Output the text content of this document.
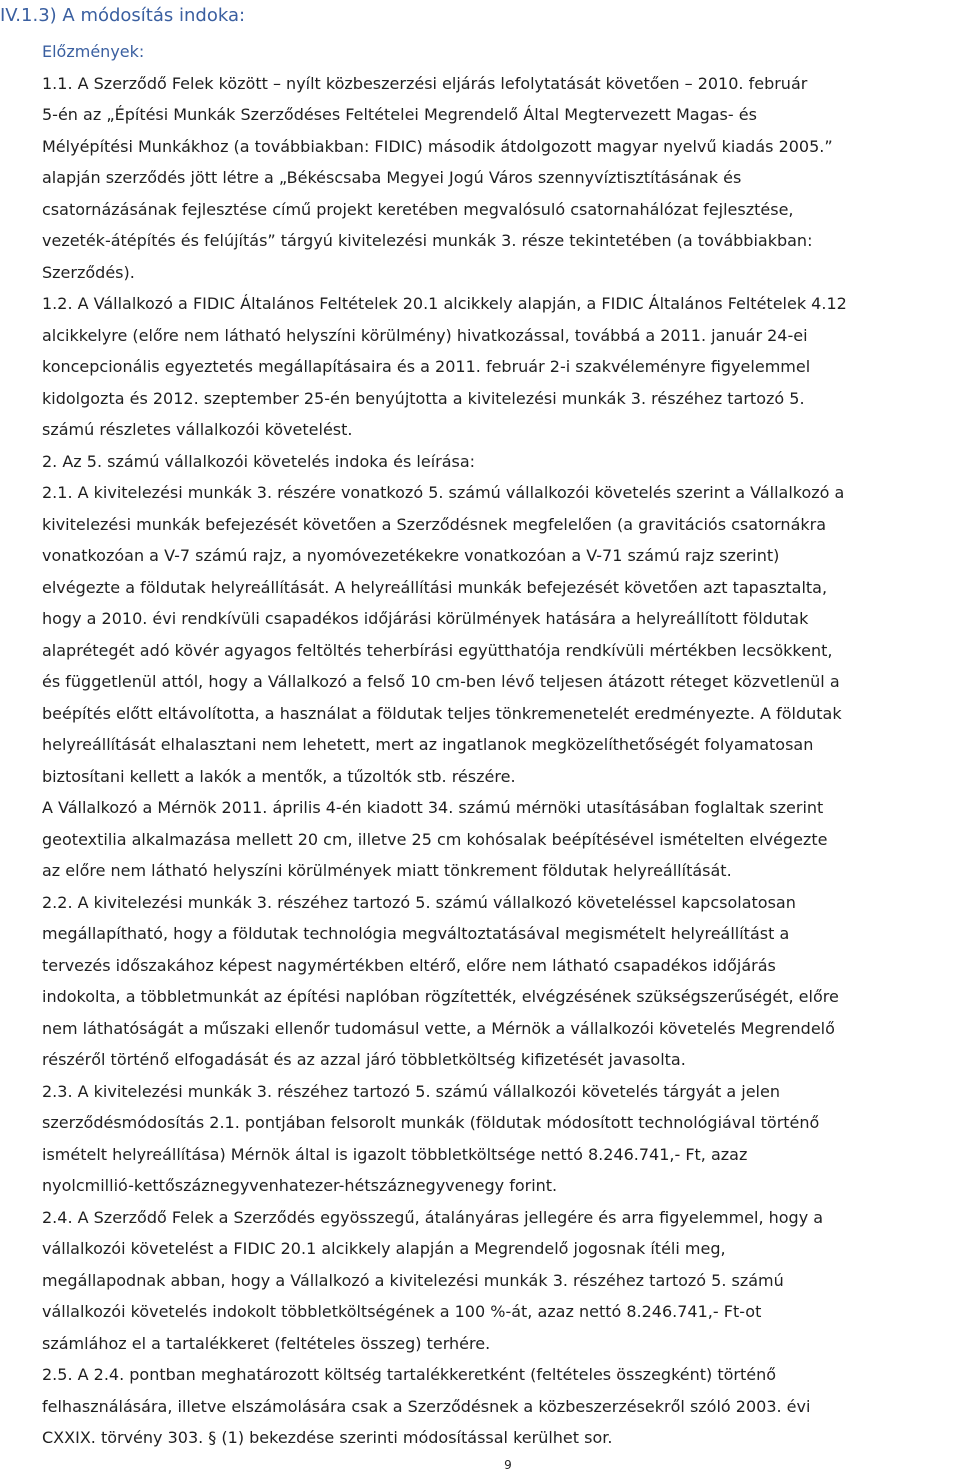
IV.1.3) A módosítás indoka:
Előzmények:
1.1. A Szerződő Felek között – nyílt közbeszerzési eljárás lefolytatását követően – 2010. február
5-én az „Építési Munkák Szerződéses Feltételei Megrendelő Által Megtervezett Magas- és
Mélyépítési Munkákhoz (a továbbiakban: FIDIC) második átdolgozott magyar nyelvű kiadás 2005.”
alapján szerződés jött létre a „Békéscsaba Megyei Jogú Város szennyvíztisztításának és
csatornázásának fejlesztése című projekt keretében megvalósuló csatornahálózat fejlesztése,
vezeték-átépítés és felújítás” tárgyú kivitelezési munkák 3. része tekintetében (a továbbiakban:
Szerződés).
1.2. A Vállalkozó a FIDIC Általános Feltételek 20.1 alcikkely alapján, a FIDIC Általános Feltételek 4.12
alcikkelyre (előre nem látható helyszíni körülmény) hivatkozással, továbbá a 2011. január 24-ei
koncepcionális egyeztetés megállapításaira és a 2011. február 2-i szakvéleményre figyelemmel
kidolgozta és 2012. szeptember 25-én benyújtotta a kivitelezési munkák 3. részéhez tartozó 5.
számú részletes vállalkozói követelést.
2. Az 5. számú vállalkozói követelés indoka és leírása:
2.1. A kivitelezési munkák 3. részére vonatkozó 5. számú vállalkozói követelés szerint a Vállalkozó a
kivitelezési munkák befejezését követően a Szerződésnek megfelelően (a gravitációs csatornákra
vonatkozóan a V-7 számú rajz, a nyomóvezetékekre vonatkozóan a V-71 számú rajz szerint)
elvégezte a földutak helyreállítását. A helyreállítási munkák befejezését követően azt tapasztalta,
hogy a 2010. évi rendkívüli csapadékos időjárási körülmények hatására a helyreállított földutak
alaprétegét adó kövér agyagos feltöltés teherbírási együtthatója rendkívüli mértékben lecsökkent,
és függetlenül attól, hogy a Vállalkozó a felső 10 cm-ben lévő teljesen átázott réteget közvetlenül a
beépítés előtt eltávolította, a használat a földutak teljes tönkremenetelét eredményezte. A földutak
helyreállítását elhalasztani nem lehetett, mert az ingatlanok megközelíthetőségét folyamatosan
biztosítani kellett a lakók a mentők, a tűzoltók stb. részére.
A Vállalkozó a Mérnök 2011. április 4-én kiadott 34. számú mérnöki utasításában foglaltak szerint
geotextilia alkalmazása mellett 20 cm, illetve 25 cm kohósalak beépítésével ismételten elvégezte
az előre nem látható helyszíni körülmények miatt tönkrement földutak helyreállítását.
2.2. A kivitelezési munkák 3. részéhez tartozó 5. számú vállalkozó követeléssel kapcsolatosan
megállapítható, hogy a földutak technológia megváltoztatásával megismételt helyreállítást a
tervezés időszakához képest nagymértékben eltérő, előre nem látható csapadékos időjárás
indokolta, a többletmunkát az építési naplóban rögzítették, elvégzésének szükségszerűségét, előre
nem láthatóságát a műszaki ellenőr tudomásul vette, a Mérnök a vállalkozói követelés Megrendelő
részéről történő elfogadását és az azzal járó többletköltség kifizetését javasolta.
2.3. A kivitelezési munkák 3. részéhez tartozó 5. számú vállalkozói követelés tárgyát a jelen
szerződésmódosítás 2.1. pontjában felsorolt munkák (földutak módosított technológiával történő
ismételt helyreállítása) Mérnök által is igazolt többletköltsége nettó 8.246.741,- Ft, azaz
nyolcmillió-kettőszáznegyvenhatezer-hétszáznegyvenegy forint.
2.4. A Szerződő Felek a Szerződés egyösszegű, átalányáras jellegére és arra figyelemmel, hogy a
vállalkozói követelést a FIDIC 20.1 alcikkely alapján a Megrendelő jogosnak ítéli meg,
megállapodnak abban, hogy a Vállalkozó a kivitelezési munkák 3. részéhez tartozó 5. számú
vállalkozói követelés indokolt többletköltségének a 100 %-át, azaz nettó 8.246.741,- Ft-ot
számlához el a tartalékkeret (feltételes összeg) terhére.
2.5. A 2.4. pontban meghatározott költség tartalékkeretként (feltételes összegként) történő
felhasználására, illetve elszámolására csak a Szerződésnek a közbeszerzésekről szóló 2003. évi
CXXIX. törvény 303. § (1) bekezdése szerinti módosítással kerülhet sor.
9
